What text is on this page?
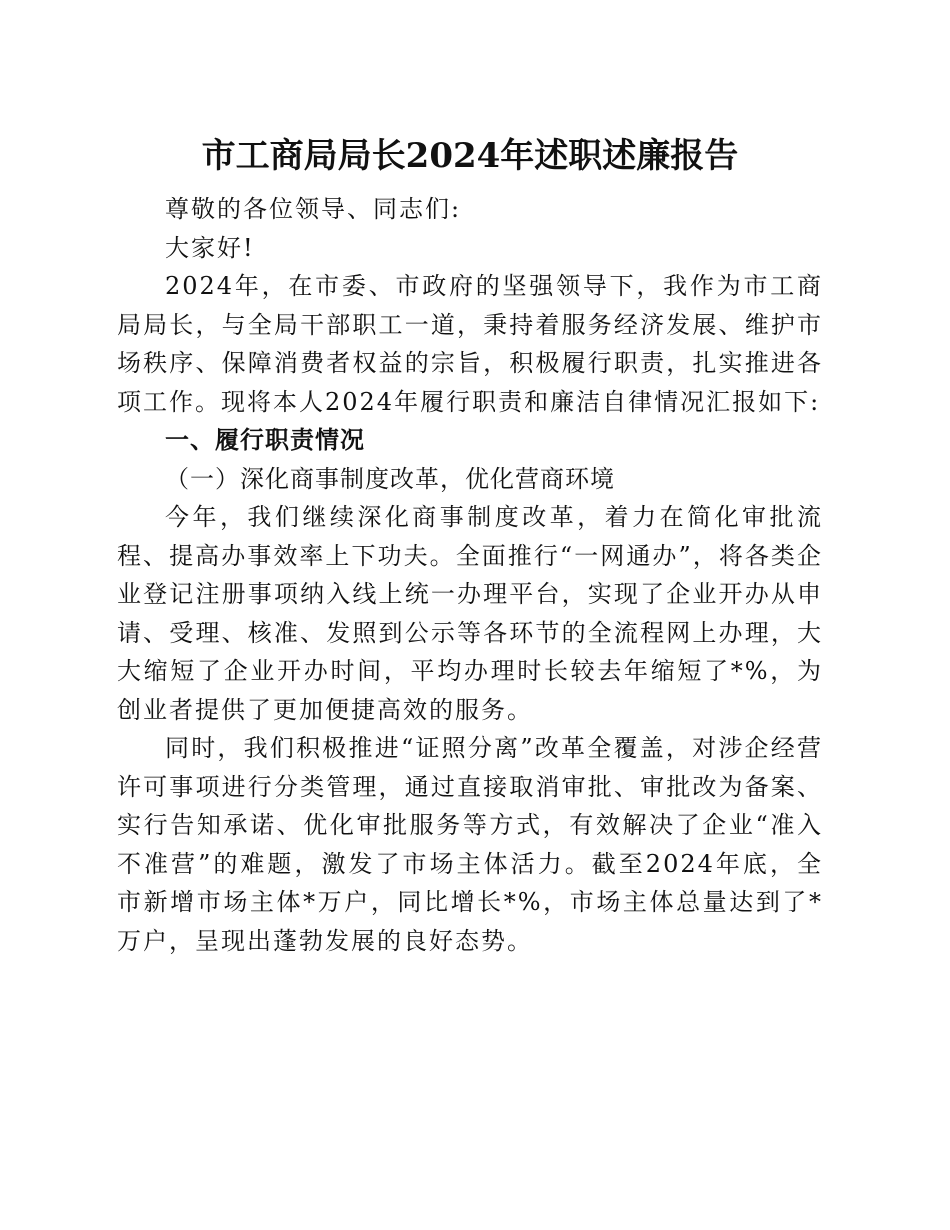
市工商局局长2024年述职述廉报告

尊敬的各位领导、同志们:

大家好!

2024年，在市委、市政府的坚强领导下，我作为市工商局局长，与全局干部职工一道，秉持着服务经济发展、维护市场秩序、保障消费者权益的宗旨，积极履行职责，扎实推进各项工作。现将本人2024年履行职责和廉洁自律情况汇报如下:

一、履行职责情况

（一）深化商事制度改革，优化营商环境

今年，我们继续深化商事制度改革，着力在简化审批流程、提高办事效率上下功夫。全面推行“一网通办”，将各类企业登记注册事项纳入线上统一办理平台，实现了企业开办从申请、受理、核准、发照到公示等各环节的全流程网上办理，大大缩短了企业开办时间，平均办理时长较去年缩短了*%，为创业者提供了更加便捷高效的服务。

同时，我们积极推进“证照分离”改革全覆盖，对涉企经营许可事项进行分类管理，通过直接取消审批、审批改为备案、实行告知承诺、优化审批服务等方式，有效解决了企业“准入不准营”的难题，激发了市场主体活力。截至2024年底，全市新增市场主体*万户，同比增长*%，市场主体总量达到了*万户，呈现出蓬勃发展的良好态势。
